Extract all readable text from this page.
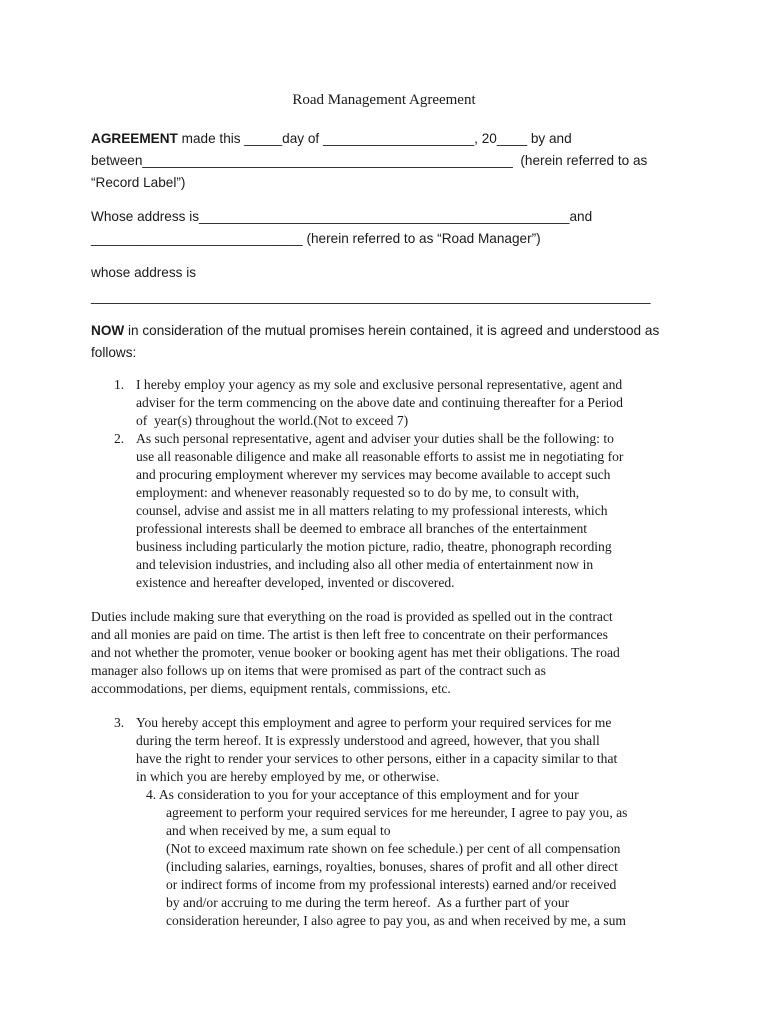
Road Management Agreement
AGREEMENT made this _____day of ____________________, 20____ by and
between_________________________________________________  (herein referred to as
“Record Label”)
Whose address is_________________________________________________and
____________________________ (herein referred to as “Road Manager”)
whose address is
__________________________________________________________________________
NOW in consideration of the mutual promises herein contained, it is agreed and understood as
follows:
1. I hereby employ your agency as my sole and exclusive personal representative, agent and
adviser for the term commencing on the above date and continuing thereafter for a Period
of  year(s) throughout the world.(Not to exceed 7)
2. As such personal representative, agent and adviser your duties shall be the following: to
use all reasonable diligence and make all reasonable efforts to assist me in negotiating for
and procuring employment wherever my services may become available to accept such
employment: and whenever reasonably requested so to do by me, to consult with,
counsel, advise and assist me in all matters relating to my professional interests, which
professional interests shall be deemed to embrace all branches of the entertainment
business including particularly the motion picture, radio, theatre, phonograph recording
and television industries, and including also all other media of entertainment now in
existence and hereafter developed, invented or discovered.
Duties include making sure that everything on the road is provided as spelled out in the contract
and all monies are paid on time. The artist is then left free to concentrate on their performances
and not whether the promoter, venue booker or booking agent has met their obligations. The road
manager also follows up on items that were promised as part of the contract such as
accommodations, per diems, equipment rentals, commissions, etc.
3. You hereby accept this employment and agree to perform your required services for me
during the term hereof. It is expressly understood and agreed, however, that you shall
have the right to render your services to other persons, either in a capacity similar to that
in which you are hereby employed by me, or otherwise.
4. As consideration to you for your acceptance of this employment and for your
agreement to perform your required services for me hereunder, I agree to pay you, as
and when received by me, a sum equal to
(Not to exceed maximum rate shown on fee schedule.) per cent of all compensation
(including salaries, earnings, royalties, bonuses, shares of profit and all other direct
or indirect forms of income from my professional interests) earned and/or received
by and/or accruing to me during the term hereof.  As a further part of your
consideration hereunder, I also agree to pay you, as and when received by me, a sum
